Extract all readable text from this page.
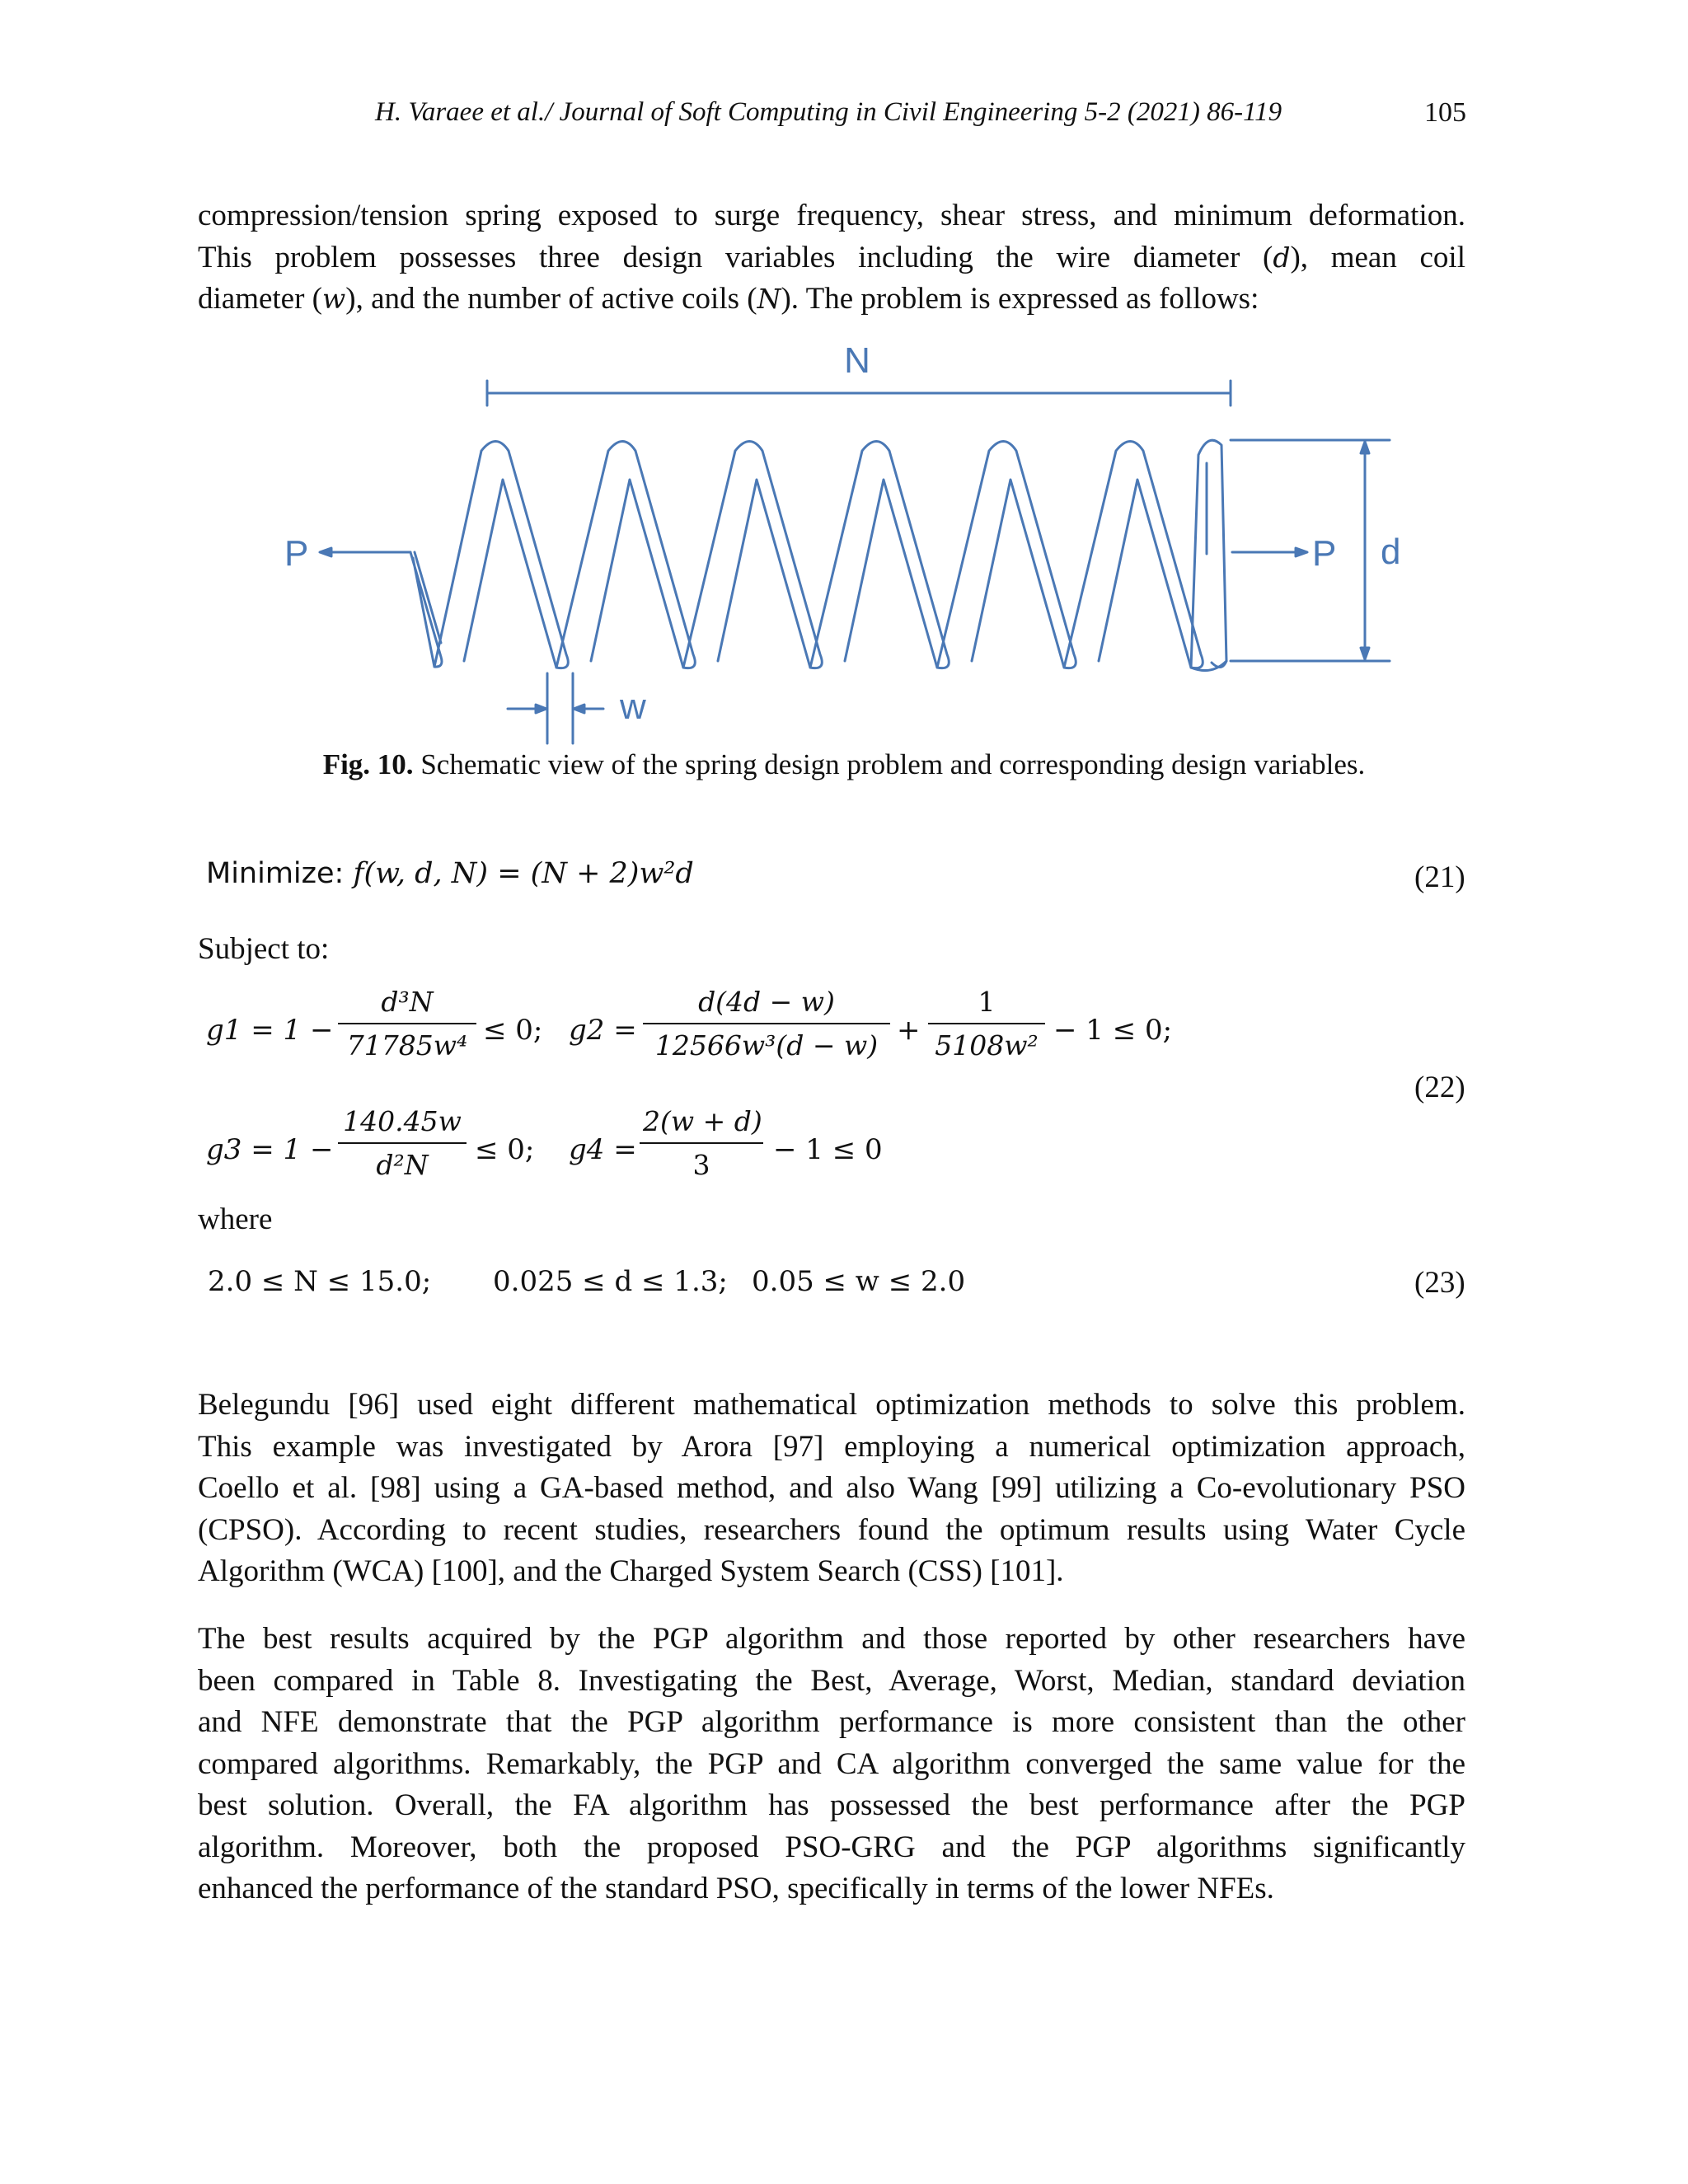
H. Varaee et al./ Journal of Soft Computing in Civil Engineering 5-2 (2021) 86-119	105
compression/tension spring exposed to surge frequency, shear stress, and minimum deformation.
This problem possesses three design variables including the wire diameter (d), mean coil
diameter (w), and the number of active coils (N). The problem is expressed as follows:
N
P	P d
w
Fig. 10. Schematic view of the spring design problem and corresponding design variables.
Minimize: f(w, d, N) = (N + 2)w²d	(21)
Subject to:
$g1 = 1 - \frac{\text{d³N}}{\text{71785w⁴}} \le 0$; $g2 = \frac{d(4d - w)}{\text{12566w³(d − w)}} + \frac{1}{\text{5108w²}} - 1 \le 0$;
(22)
$g3 = 1 - \frac{140.45w}{\text{d²N}} \le 0$; $g4 = \frac{2(w + d)}{3} - 1 \le 0$
where
2.0 ≤ N ≤ 15.0; 0.025 ≤ d ≤ 1.3; 0.05 ≤ w ≤ 2.0	(23)
Belegundu [96] used eight different mathematical optimization methods to solve this problem.
This example was investigated by Arora [97] employing a numerical optimization approach,
Coello et al. [98] using a GA-based method, and also Wang [99] utilizing a Co-evolutionary PSO
(CPSO). According to recent studies, researchers found the optimum results using Water Cycle
Algorithm (WCA) [100], and the Charged System Search (CSS) [101].
The best results acquired by the PGP algorithm and those reported by other researchers have
been compared in Table 8. Investigating the Best, Average, Worst, Median, standard deviation
and NFE demonstrate that the PGP algorithm performance is more consistent than the other
compared algorithms. Remarkably, the PGP and CA algorithm converged the same value for the
best solution. Overall, the FA algorithm has possessed the best performance after the PGP
algorithm. Moreover, both the proposed PSO-GRG and the PGP algorithms significantly
enhanced the performance of the standard PSO, specifically in terms of the lower NFEs.
